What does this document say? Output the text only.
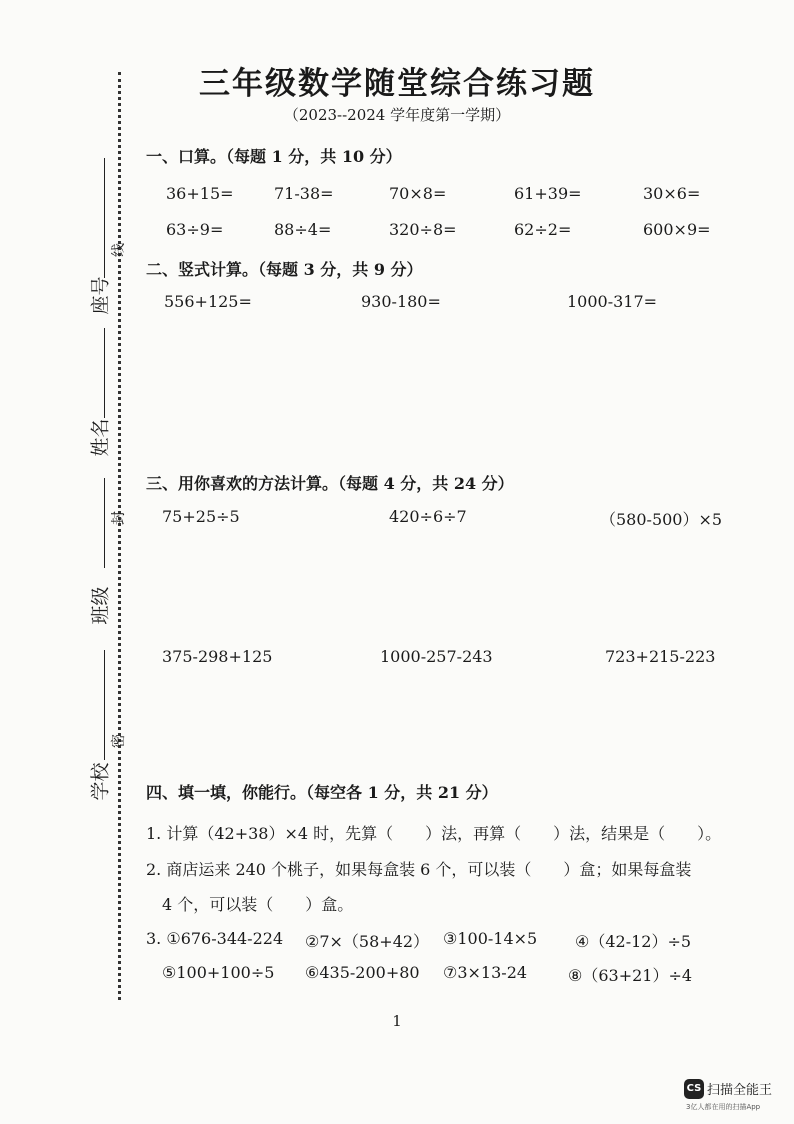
三年级数学随堂综合练习题
（2023--2024 学年度第一学期）
座号
姓名
班级
学校
线
封
密
一、口算。（每题 1 分，共 10 分）
36+15=	71-38=	70×8=	61+39=	30×6=
63÷9=	88÷4=	320÷8=	62÷2=	600×9=
二、竖式计算。（每题 3 分，共 9 分）
556+125=	930-180=	1000-317=
三、用你喜欢的方法计算。（每题 4 分，共 24 分）
75+25÷5	420÷6÷7	（580-500）×5
375-298+125	1000-257-243	723+215-223
四、填一填，你能行。（每空各 1 分，共 21 分）
1. 计算（42+38）×4 时，先算（　　）法，再算（　　）法，结果是（　　）。
2. 商店运来 240 个桃子，如果每盒装 6 个，可以装（　　）盒；如果每盒装
4 个，可以装（　　）盒。
3. ①676-344-224 ②7×（58+42） ③100-14×5 ④（42-12）÷5
⑤100+100÷5 ⑥435-200+80 ⑦3×13-24	⑧（63+21）÷4
1
CS 扫描全能王
3亿人都在用的扫描App
